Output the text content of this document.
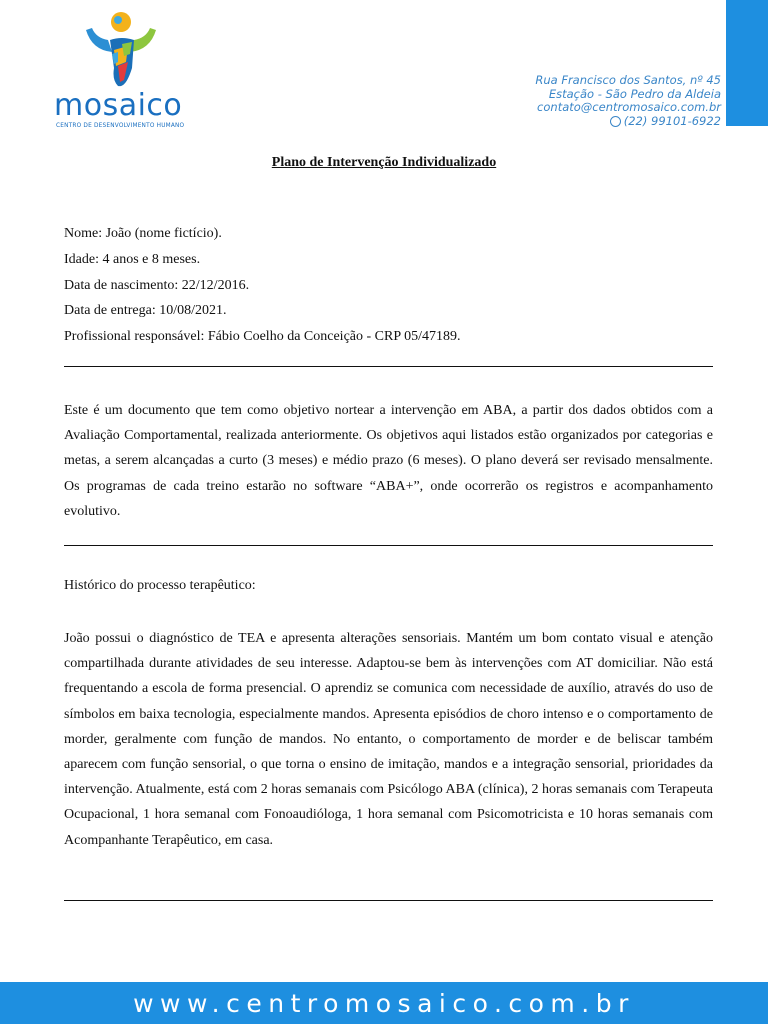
mosaico
CENTRO DE DESENVOLVIMENTO HUMANO
Rua Francisco dos Santos, nº 45
Estação - São Pedro da Aldeia
contato@centromosaico.com.br
(22) 99101-6922
Plano de Intervenção Individualizado
Nome: João (nome fictício).
Idade: 4 anos e 8 meses.
Data de nascimento: 22/12/2016.
Data de entrega: 10/08/2021.
Profissional responsável: Fábio Coelho da Conceição - CRP 05/47189.
Este é um documento que tem como objetivo nortear a intervenção em ABA, a partir dos dados obtidos com a Avaliação Comportamental, realizada anteriormente. Os objetivos aqui listados estão organizados por categorias e metas, a serem alcançadas a curto (3 meses) e médio prazo (6 meses). O plano deverá ser revisado mensalmente. Os programas de cada treino estarão no software “ABA+”, onde ocorrerão os registros e acompanhamento evolutivo.
Histórico do processo terapêutico:
João possui o diagnóstico de TEA e apresenta alterações sensoriais. Mantém um bom contato visual e atenção compartilhada durante atividades de seu interesse. Adaptou-se bem às intervenções com AT domiciliar. Não está frequentando a escola de forma presencial. O aprendiz se comunica com necessidade de auxílio, através do uso de símbolos em baixa tecnologia, especialmente mandos. Apresenta episódios de choro intenso e o comportamento de morder, geralmente com função de mandos. No entanto, o comportamento de morder e de beliscar também aparecem com função sensorial, o que torna o ensino de imitação, mandos e a integração sensorial, prioridades da intervenção. Atualmente, está com 2 horas semanais com Psicólogo ABA (clínica), 2 horas semanais com Terapeuta Ocupacional, 1 hora semanal com Fonoaudióloga, 1 hora semanal com Psicomotricista e 10 horas semanais com Acompanhante Terapêutico, em casa.
www.centromosaico.com.br
